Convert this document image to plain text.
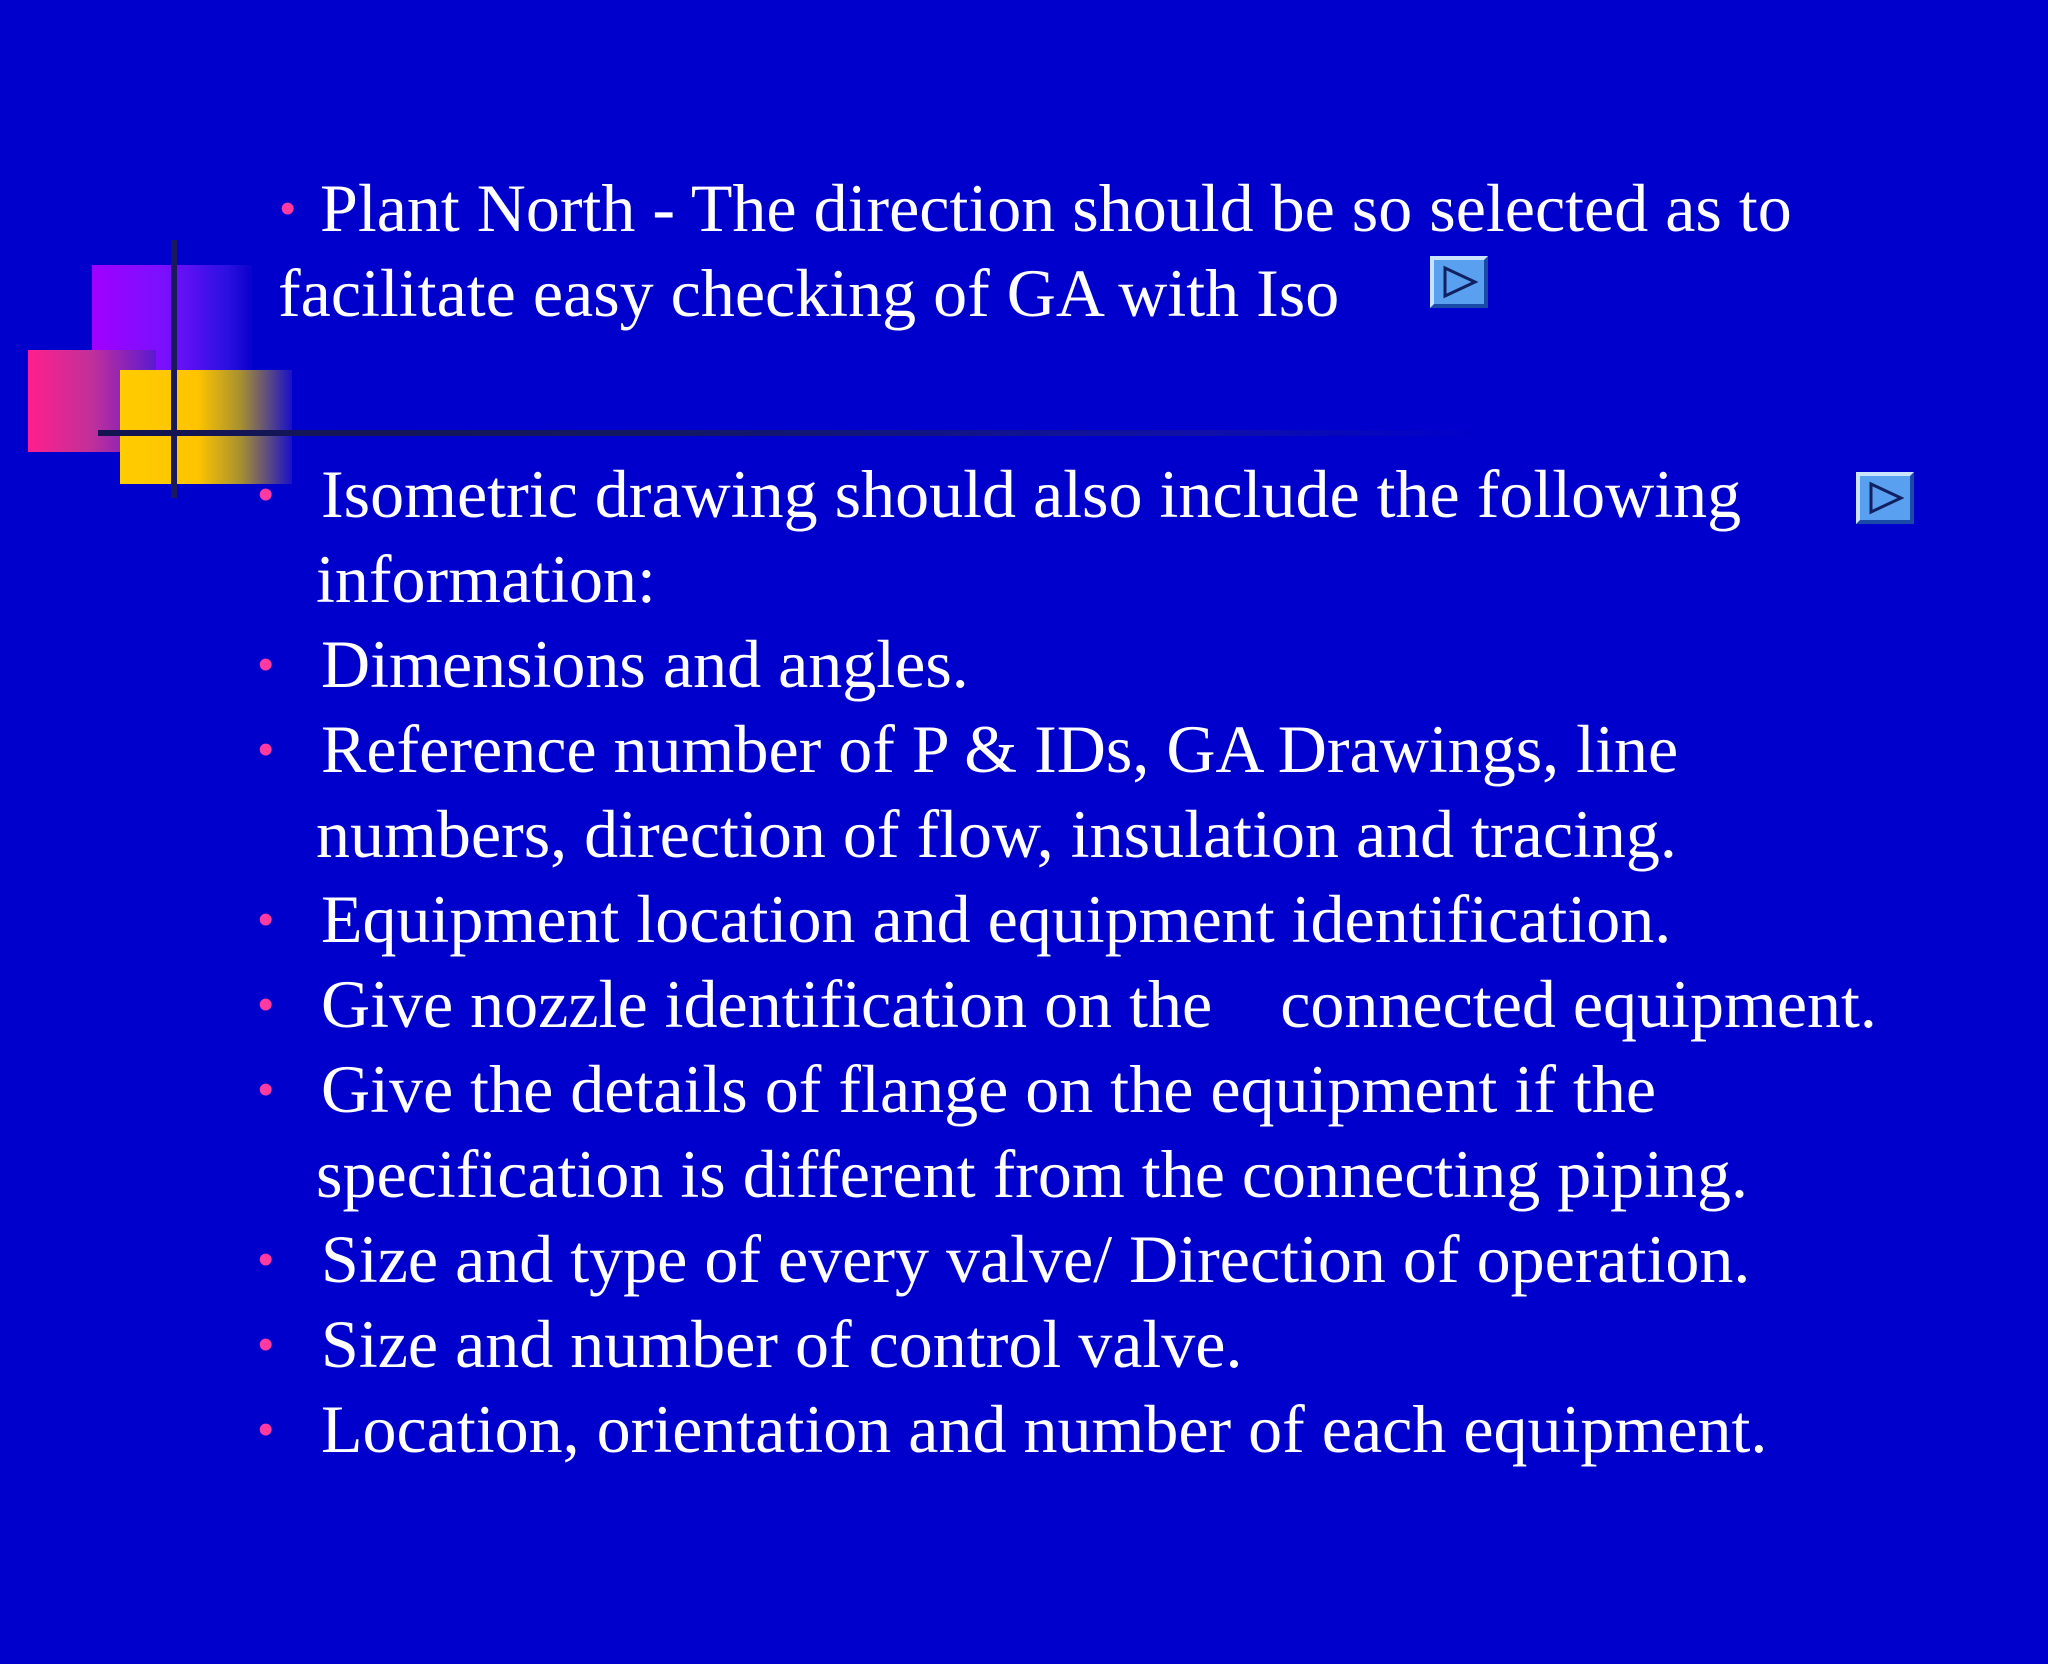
• Plant North - The direction should be so selected as to
facilitate easy checking of GA with Iso
• Isometric drawing should also include the following
information:
• Dimensions and angles.
• Reference number of P & IDs, GA Drawings, line
numbers, direction of flow, insulation and tracing.
• Equipment location and equipment identification.
• Give nozzle identification on the connected equipment.
• Give the details of flange on the equipment if the
specification is different from the connecting piping.
• Size and type of every valve/ Direction of operation.
• Size and number of control valve.
• Location, orientation and number of each equipment.
